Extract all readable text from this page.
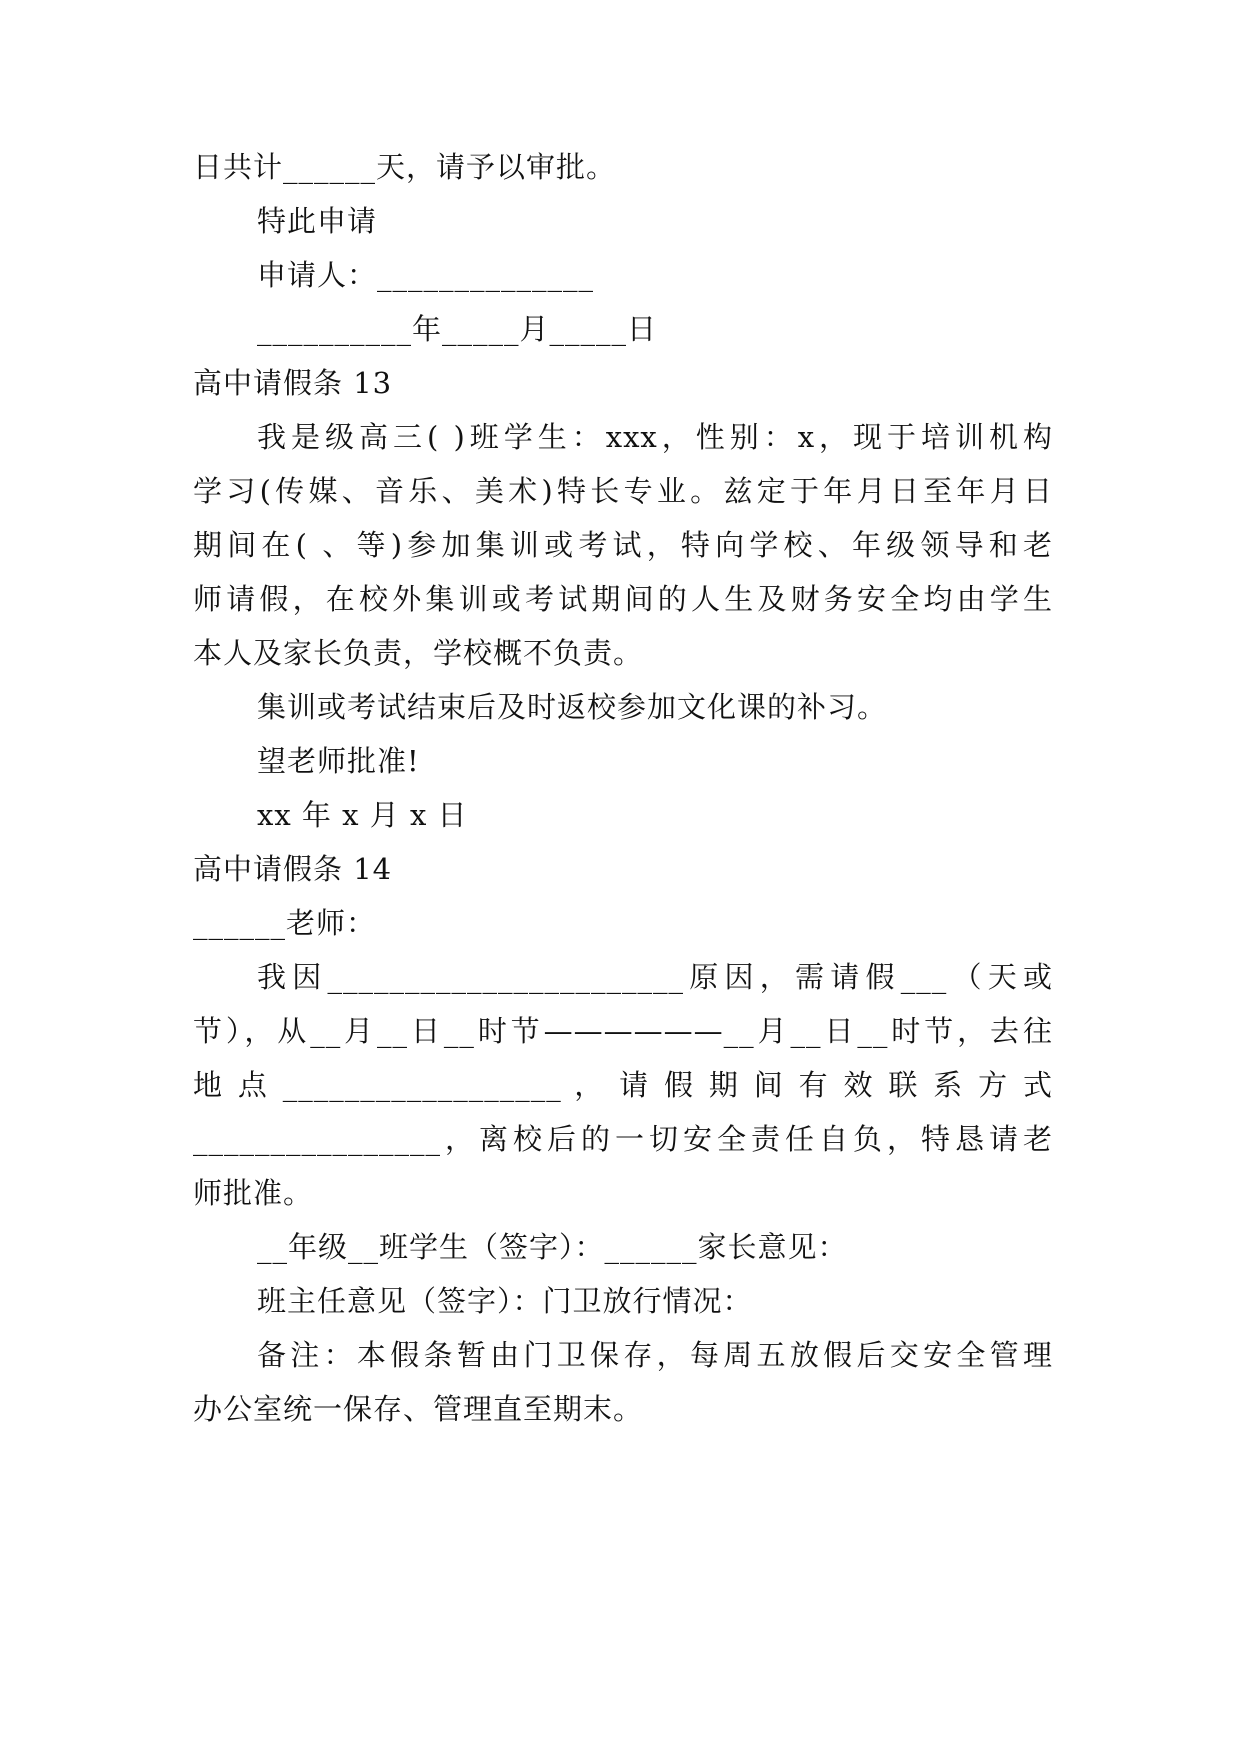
日共计______天，请予以审批。
特此申请
申请人：______________
__________年_____月_____日
高中请假条 13
我是级高三( )班学生：xxx，性别：x，现于培训机构
学习(传媒、音乐、美术)特长专业。兹定于年月日至年月日
期间在( 、等)参加集训或考试，特向学校、年级领导和老
师请假，在校外集训或考试期间的人生及财务安全均由学生
本人及家长负责，学校概不负责。
集训或考试结束后及时返校参加文化课的补习。
望老师批准!
xx 年 x 月 x 日
高中请假条 14
______老师：
我因_______________________原因，需请假___（天或
节），从__月__日__时节——————__月__日__时节，去往
地 点 __________________ ， 请 假 期 间 有 效 联 系 方 式
________________，离校后的一切安全责任自负，特恳请老
师批准。
__年级__班学生（签字）：______家长意见：
班主任意见（签字）：门卫放行情况：
备注：本假条暂由门卫保存，每周五放假后交安全管理
办公室统一保存、管理直至期末。
